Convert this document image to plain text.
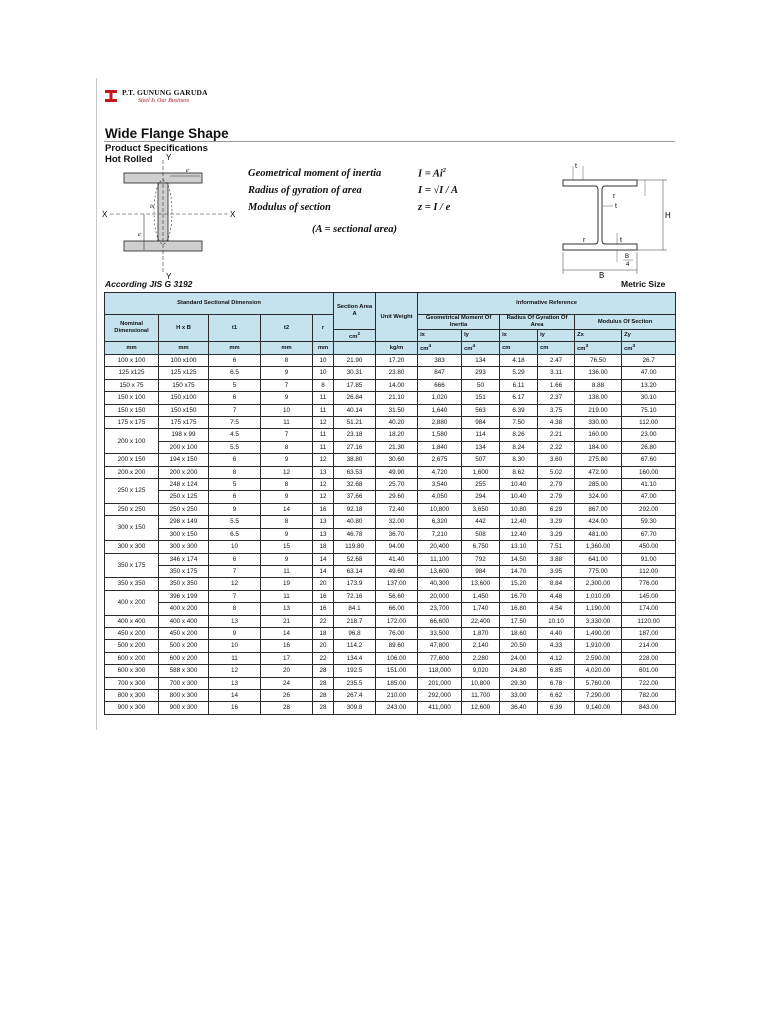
P.T. GUNUNG GARUDA
Steel Is Our Business
Wide Flange Shape
Product Specifications
Hot Rolled Y
Y
X	X
ix
e
e	Geometrical moment of inertia	$I = Ai^2$
Radius of gyration of area	I = √I / A
Modulus of section	z = I / e
(A = sectional area)
t
r
r
t
t
H
B
B
4
According JIS G 3192	Metric Size
Standard Sectional Dimension					Section Area
A	Unit Weight	Informative Reference					
Nominal Dimensional	H x B	t1	t2	r			Geometrical Moment Of Inertia		Radius Of Gyration Of Area		Modulus Of Section	
					$cm^2$		ix	Iy	ix	iy	Zx	Zy
mm	mm	mm	mm	mm		kg/m	$cm^4$	$cm^4$	cm	cm	$cm^3$	$cm^3$
100 x 100	100 x100	6	8	10	21.90	17.20	383	134	4.18	2.47	76.50	26.7
125 x125	125 x125	6.5	9	10	30.31	23.80	847	293	5.29	3.11	136.00	47.00
150 x 75	150 x75	5	7	8	17.85	14.00	666	50	6.11	1.66	8.88	13.20
150 x 100	150 x100	6	9	11	26.84	21.10	1,020	151	6.17	2.37	138.00	30.10
150 x 150	150 x150	7	10	11	40.14	31.50	1,640	563	6.39	3.75	219.00	75.10
175 x 175	175 x175	7.5	11	12	51.21	40.20	2,880	984	7.50	4.38	330.00	112.00
200 x 100	198 x 99	4.5	7	11	23.18	18.20	1,580	114	8.26	2.21	160.00	23.00
	200 x 100	5.5	8	11	27.16	21.30	1,840	134	8.24	2.22	184.00	26.80
200 x 150	194 x 150	6	9	12	38.80	30.60	2,675	507	8.30	3.60	275.80	67.60
200 x 200	200 x 200	8	12	13	63.53	49.90	4,720	1,600	8.62	5.02	472.00	160.00
250 x 125	248 x 124	5	8	12	32.68	25.70	3,540	255	10.40	2.79	285.00	41.10
	250 x 125	6	9	12	37.66	29.60	4,050	294	10.40	2.79	324.00	47.00
250 x 250	250 x 250	9	14	16	92.18	72.40	10,800	3,650	10.80	6.29	867.00	292.00
300 x 150	298 x 149	5.5	8	13	40.80	32.00	6,320	442	12.40	3.29	424.00	59.30
	300 x 150	6.5	9	13	46.78	36.70	7,210	508	12.40	3.29	481.00	67.70
300 x 300	300 x 300	10	15	18	119.80	94.00	20,400	6,750	13.10	7.51	1,360.00	450.00
350 x 175	346 x 174	6	9	14	52.68	41.40	11,100	792	14.50	3.88	641.00	91.00
	350 x 175	7	11	14	63.14	49.60	13,600	984	14.70	3.95	775.00	112.00
350 x 350	350 x 350	12	19	20	173.9	137.00	40,300	13,600	15.20	8.84	2,300.00	776.00
400 x 200	396 x 199	7	11	16	72.16	56.60	20,000	1,450	16.70	4.48	1,010.00	145.00
	400 x 200	8	13	16	84.1	66.00	23,700	1,740	16.80	4.54	1,190.00	174.00
400 x 400	400 x 400	13	21	22	218.7	172.00	66,600	22,400	17.50	10.10	3,330.00	1120.00
450 x 200	450 x 200	9	14	18	96.8	76.00	33,500	1,870	18.60	4.40	1,490.00	187.00
500 x 200	500 x 200	10	16	20	114.2	89.60	47,800	2,140	20.50	4.33	1,910.00	214.00
600 x 200	600 x 200	11	17	22	134.4	106.00	77,600	2,280	24.00	4.12	2,590.00	228.00
600 x 300	588 x 300	12	20	28	192.5	151.00	118,000	9,020	24.80	6.85	4,020.00	601.00
700 x 300	700 x 300	13	24	28	235.5	185.00	201,000	10,800	29.30	6.78	5,760.00	722.00
800 x 300	800 x 300	14	26	28	267.4	210.00	292,000	11,700	33.00	6.62	7,290.00	782.00
900 x 300	900 x 300	16	28	28	309.8	243.00	411,000	12,600	36.40	6.39	9,140.00	843.00
